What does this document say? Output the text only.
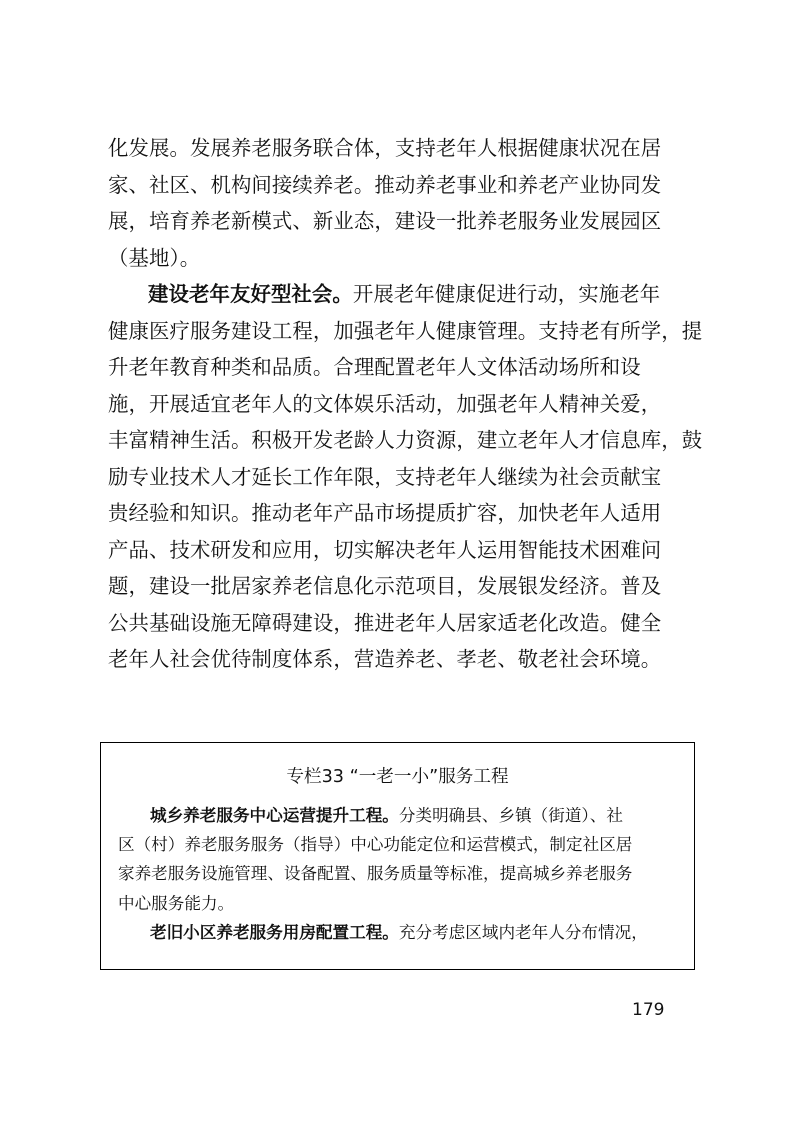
化发展。发展养老服务联合体，支持老年人根据健康状况在居
家、社区、机构间接续养老。推动养老事业和养老产业协同发
展，培育养老新模式、新业态，建设一批养老服务业发展园区
（基地）。
建设老年友好型社会。开展老年健康促进行动，实施老年
健康医疗服务建设工程，加强老年人健康管理。支持老有所学，提
升老年教育种类和品质。合理配置老年人文体活动场所和设
施，开展适宜老年人的文体娱乐活动，加强老年人精神关爱，
丰富精神生活。积极开发老龄人力资源，建立老年人才信息库，鼓
励专业技术人才延长工作年限，支持老年人继续为社会贡献宝
贵经验和知识。推动老年产品市场提质扩容，加快老年人适用
产品、技术研发和应用，切实解决老年人运用智能技术困难问
题，建设一批居家养老信息化示范项目，发展银发经济。普及
公共基础设施无障碍建设，推进老年人居家适老化改造。健全
老年人社会优待制度体系，营造养老、孝老、敬老社会环境。
专栏33 “一老一小”服务工程
城乡养老服务中心运营提升工程。分类明确县、乡镇（街道）、社
区（村）养老服务服务（指导）中心功能定位和运营模式，制定社区居
家养老服务设施管理、设备配置、服务质量等标准，提高城乡养老服务
中心服务能力。
老旧小区养老服务用房配置工程。充分考虑区域内老年人分布情况，
179
